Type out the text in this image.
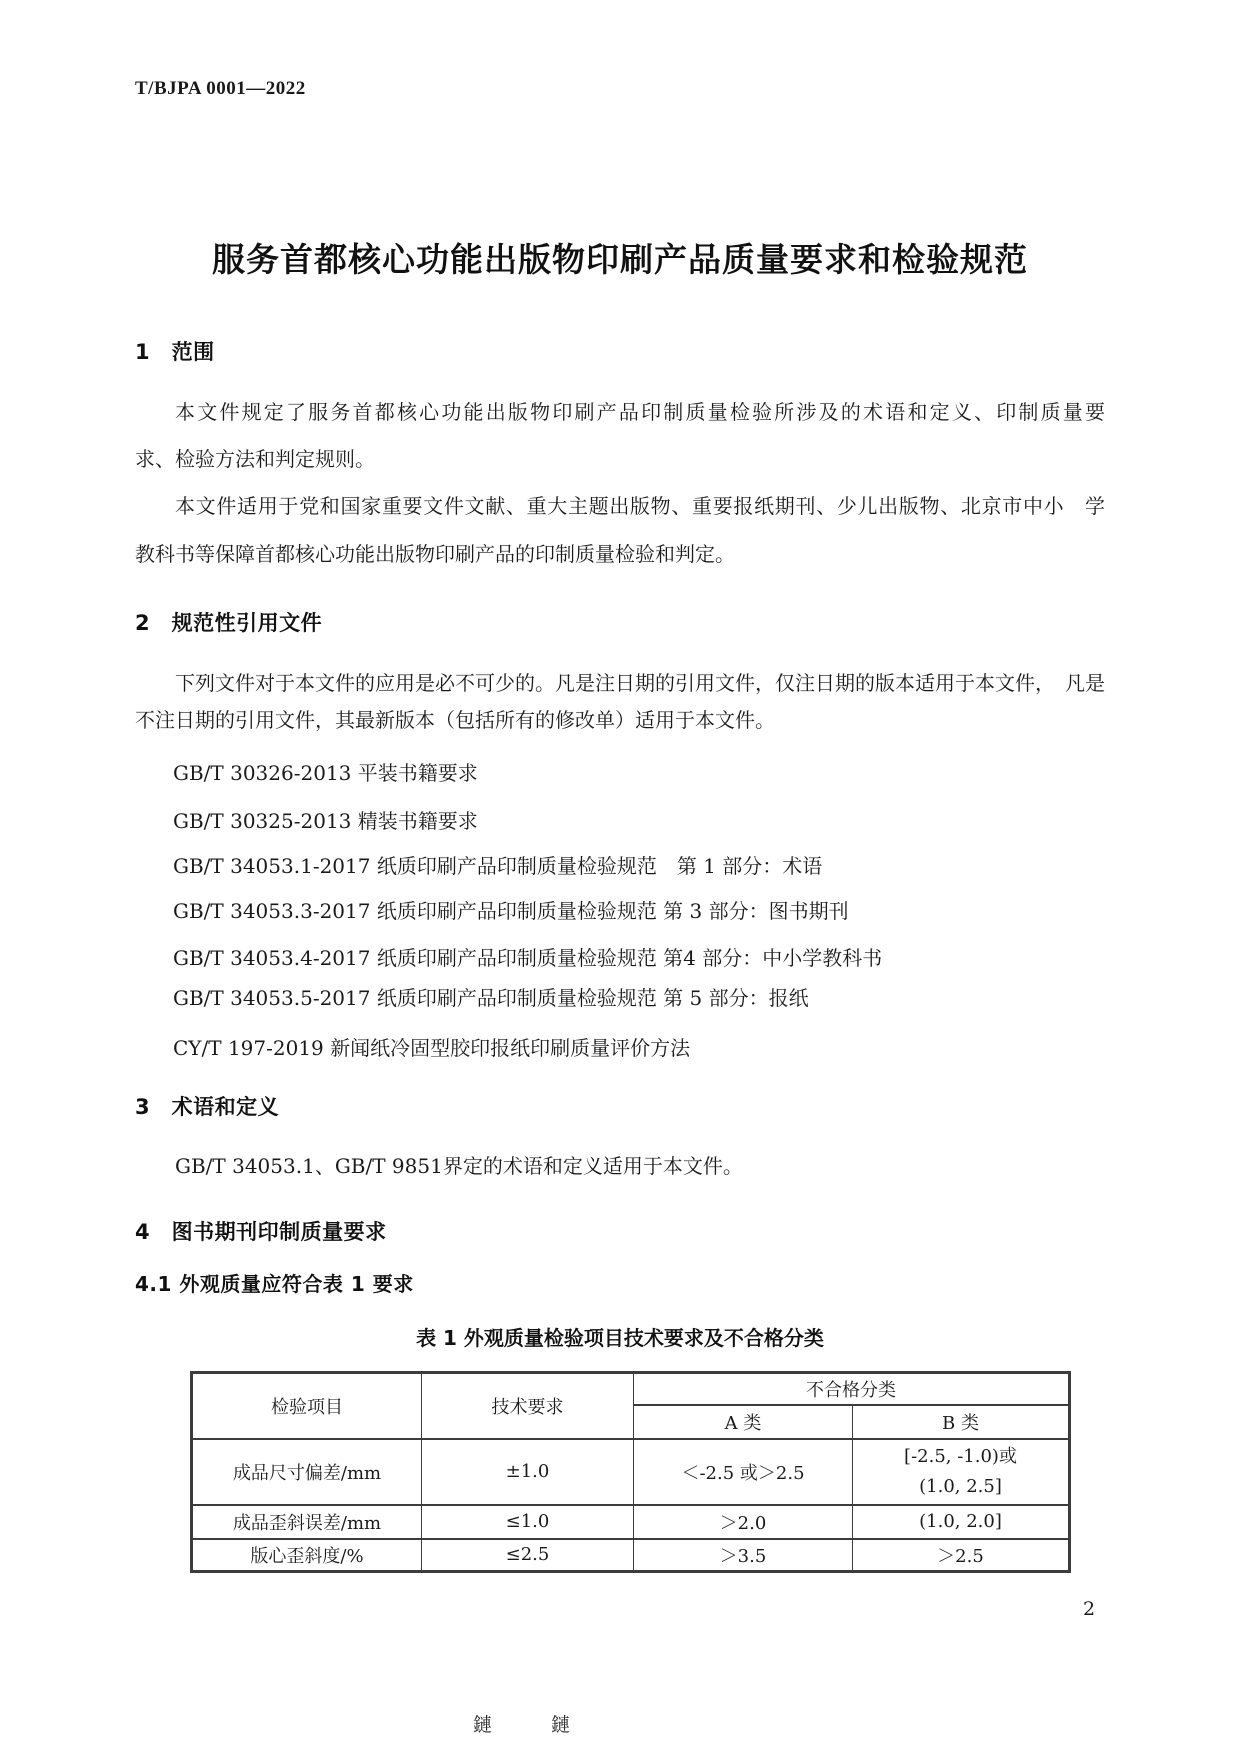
T/BJPA 0001—2022
服务首都核心功能出版物印刷产品质量要求和检验规范
1　范围
本文件规定了服务首都核心功能出版物印刷产品印制质量检验所涉及的术语和定义、印制质量要
求、检验方法和判定规则。
本文件适用于党和国家重要文件文献、重大主题出版物、重要报纸期刊、少儿出版物、北京市中小　学
教科书等保障首都核心功能出版物印刷产品的印制质量检验和判定。
2　规范性引用文件
下列文件对于本文件的应用是必不可少的。凡是注日期的引用文件，仅注日期的版本适用于本文件，　凡是
不注日期的引用文件，其最新版本（包括所有的修改单）适用于本文件。
GB/T 30326-2013 平装书籍要求
GB/T 30325-2013 精装书籍要求
GB/T 34053.1-2017 纸质印刷产品印制质量检验规范　第 1 部分：术语
GB/T 34053.3-2017 纸质印刷产品印制质量检验规范 第 3 部分：图书期刊
GB/T 34053.4-2017 纸质印刷产品印制质量检验规范 第4 部分：中小学教科书
GB/T 34053.5-2017 纸质印刷产品印制质量检验规范 第 5 部分：报纸
CY/T 197-2019 新闻纸冷固型胶印报纸印刷质量评价方法
3　术语和定义
GB/T 34053.1、GB/T 9851界定的术语和定义适用于本文件。
4　图书期刊印制质量要求
4.1 外观质量应符合表 1 要求
表 1 外观质量检验项目技术要求及不合格分类
检验项目	技术要求	不合格分类	
		A 类	B 类
成品尺寸偏差/mm	±1.0	＜-2.5 或＞2.5	[-2.5, -1.0)或
(1.0, 2.5]

成品歪斜误差/mm	≤1.0	＞2.0	(1.0, 2.0]
版心歪斜度/%	≤2.5	＞3.5	＞2.5
2
鏈	鏈
